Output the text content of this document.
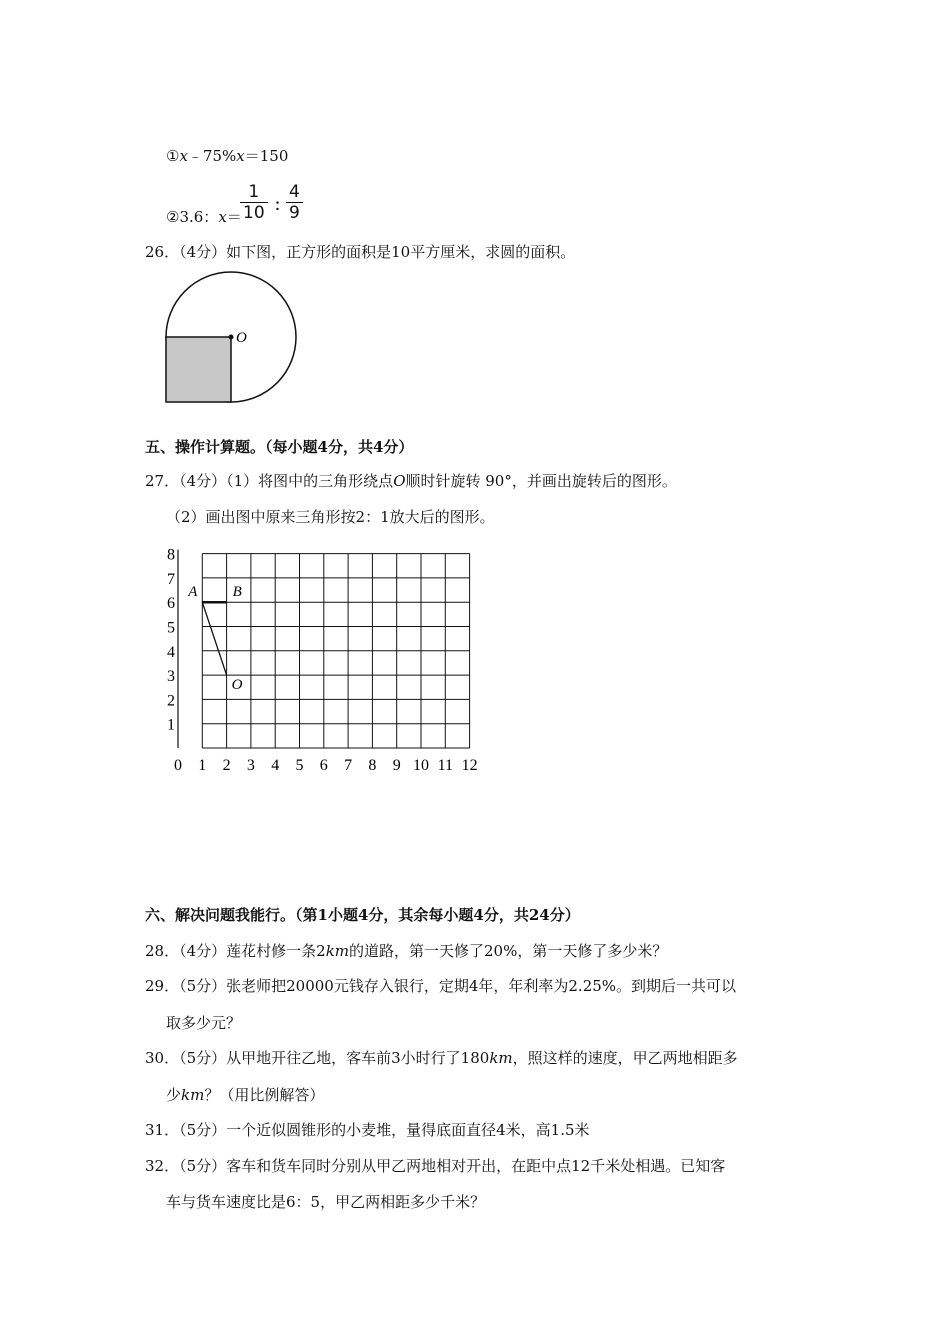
①x﹣75%x＝150
②3.6：x＝
$\frac{1}{10}$ ：
$\frac{4}{9}$
26．（4分）如下图，正方形的面积是10平方厘米，求圆的面积。
O
五、操作计算题。（每小题4分，共4分）
27．（4分）（1）将图中的三角形绕点O顺时针旋转 90°，并画出旋转后的图形。
（2）画出图中原来三角形按2：1放大后的图形。
0 1 2 3 4 5 6 7 8 9 10 11 12
1
2
3
4
5
6
7
8
A B
O
六、解决问题我能行。（第1小题4分，其余每小题4分，共24分）
28．（4分）莲花村修一条2km的道路，第一天修了20%，第一天修了多少米？
29．（5分）张老师把20000元钱存入银行，定期4年，年利率为2.25%。到期后一共可以
取多少元？
30．（5分）从甲地开往乙地，客车前3小时行了180km，照这样的速度，甲乙两地相距多
少km？（用比例解答）
31．（5分）一个近似圆锥形的小麦堆，量得底面直径4米，高1.5米
32．（5分）客车和货车同时分别从甲乙两地相对开出，在距中点12千米处相遇。已知客
车与货车速度比是6：5，甲乙两相距多少千米？
